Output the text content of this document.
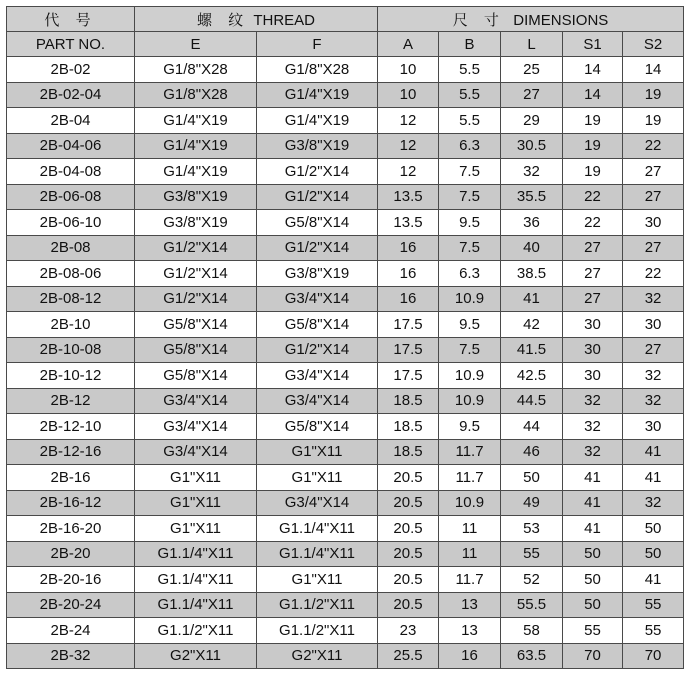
代 号	螺 纹 THREAD		尺 寸 DIMENSIONS				
PART NO.	E	F	A	B	L	S1	S2
2B-02	G1/8"X28	G1/8"X28	10	5.5	25	14	14
2B-02-04	G1/8"X28	G1/4"X19	10	5.5	27	14	19
2B-04	G1/4"X19	G1/4"X19	12	5.5	29	19	19
2B-04-06	G1/4"X19	G3/8"X19	12	6.3	30.5	19	22
2B-04-08	G1/4"X19	G1/2"X14	12	7.5	32	19	27
2B-06-08	G3/8"X19	G1/2"X14	13.5	7.5	35.5	22	27
2B-06-10	G3/8"X19	G5/8"X14	13.5	9.5	36	22	30
2B-08	G1/2"X14	G1/2"X14	16	7.5	40	27	27
2B-08-06	G1/2"X14	G3/8"X19	16	6.3	38.5	27	22
2B-08-12	G1/2"X14	G3/4"X14	16	10.9	41	27	32
2B-10	G5/8"X14	G5/8"X14	17.5	9.5	42	30	30
2B-10-08	G5/8"X14	G1/2"X14	17.5	7.5	41.5	30	27
2B-10-12	G5/8"X14	G3/4"X14	17.5	10.9	42.5	30	32
2B-12	G3/4"X14	G3/4"X14	18.5	10.9	44.5	32	32
2B-12-10	G3/4"X14	G5/8"X14	18.5	9.5	44	32	30
2B-12-16	G3/4"X14	G1"X11	18.5	11.7	46	32	41
2B-16	G1"X11	G1"X11	20.5	11.7	50	41	41
2B-16-12	G1"X11	G3/4"X14	20.5	10.9	49	41	32
2B-16-20	G1"X11	G1.1/4"X11	20.5	11	53	41	50
2B-20	G1.1/4"X11	G1.1/4"X11	20.5	11	55	50	50
2B-20-16	G1.1/4"X11	G1"X11	20.5	11.7	52	50	41
2B-20-24	G1.1/4"X11	G1.1/2"X11	20.5	13	55.5	50	55
2B-24	G1.1/2"X11	G1.1/2"X11	23	13	58	55	55
2B-32	G2"X11	G2"X11	25.5	16	63.5	70	70
